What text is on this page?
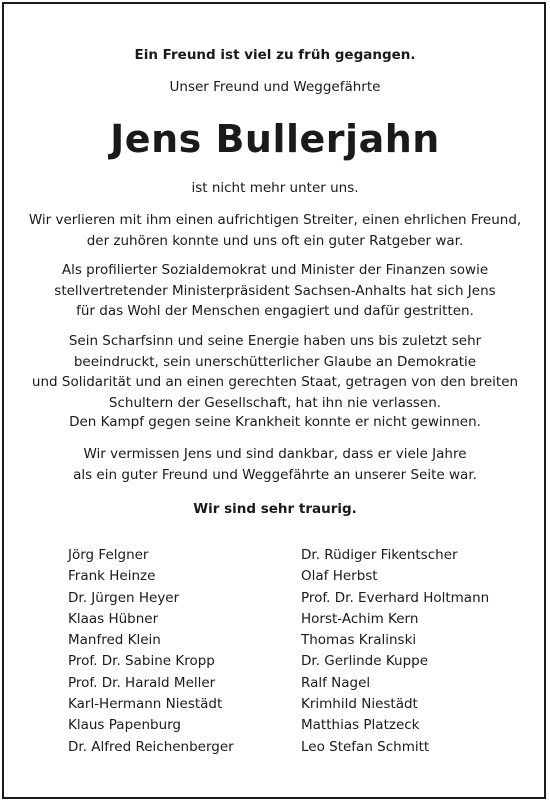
Ein Freund ist viel zu früh gegangen.
Unser Freund und Weggefährte
Jens Bullerjahn
ist nicht mehr unter uns.
Wir verlieren mit ihm einen aufrichtigen Streiter, einen ehrlichen Freund,
der zuhören konnte und uns oft ein guter Ratgeber war.
Als profilierter Sozialdemokrat und Minister der Finanzen sowie
stellvertretender Ministerpräsident Sachsen-Anhalts hat sich Jens
für das Wohl der Menschen engagiert und dafür gestritten.
Sein Scharfsinn und seine Energie haben uns bis zuletzt sehr
beeindruckt, sein unerschütterlicher Glaube an Demokratie
und Solidarität und an einen gerechten Staat, getragen von den breiten
Schultern der Gesellschaft, hat ihn nie verlassen.
Den Kampf gegen seine Krankheit konnte er nicht gewinnen.
Wir vermissen Jens und sind dankbar, dass er viele Jahre
als ein guter Freund und Weggefährte an unserer Seite war.
Wir sind sehr traurig.
Jörg Felgner
Frank Heinze
Dr. Jürgen Heyer
Klaas Hübner
Manfred Klein
Prof. Dr. Sabine Kropp
Prof. Dr. Harald Meller
Karl-Hermann Niestädt
Klaus Papenburg
Dr. Alfred Reichenberger
Dr. Rüdiger Fikentscher
Olaf Herbst
Prof. Dr. Everhard Holtmann
Horst-Achim Kern
Thomas Kralinski
Dr. Gerlinde Kuppe
Ralf Nagel
Krimhild Niestädt
Matthias Platzeck
Leo Stefan Schmitt
